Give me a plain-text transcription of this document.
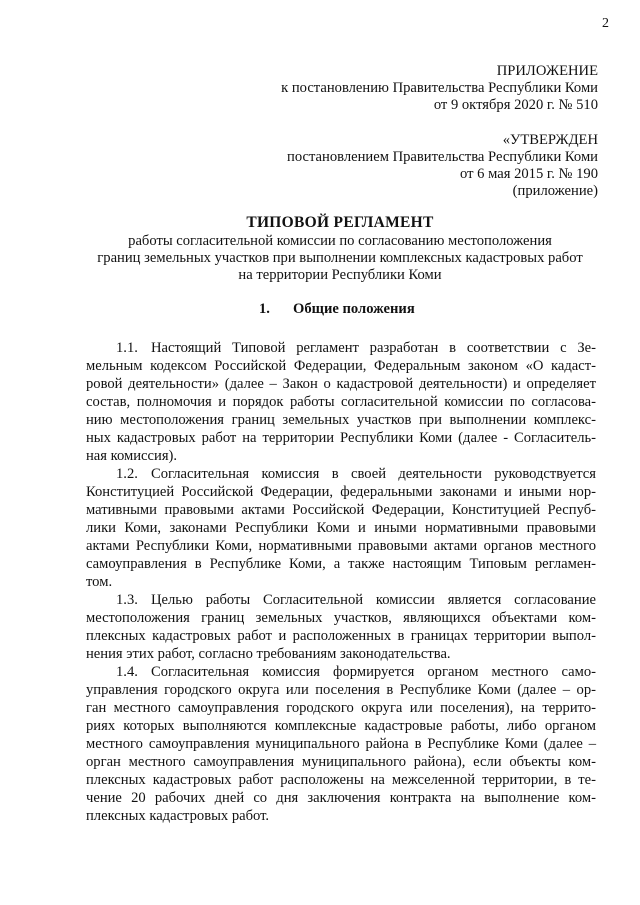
2
ПРИЛОЖЕНИЕ
к постановлению Правительства Республики Коми
от 9 октября 2020 г. № 510
«УТВЕРЖДЕН
постановлением Правительства Республики Коми
от 6 мая 2015 г. № 190
(приложение)
ТИПОВОЙ РЕГЛАМЕНТ
работы согласительной комиссии по согласованию местоположения
границ земельных участков при выполнении комплексных кадастровых работ
на территории Республики Коми
1. Общие положения
1.1. Настоящий Типовой регламент разработан в соответствии с Зе-
мельным кодексом Российской Федерации, Федеральным законом «О кадаст-
ровой деятельности» (далее – Закон о кадастровой деятельности) и определяет
состав, полномочия и порядок работы согласительной комиссии по согласова-
нию местоположения границ земельных участков при выполнении комплекс-
ных кадастровых работ на территории Республики Коми (далее - Согласитель-
ная комиссия).
1.2. Согласительная комиссия в своей деятельности руководствуется
Конституцией Российской Федерации, федеральными законами и иными нор-
мативными правовыми актами Российской Федерации, Конституцией Респуб-
лики Коми, законами Республики Коми и иными нормативными правовыми
актами Республики Коми, нормативными правовыми актами органов местного
самоуправления в Республике Коми, а также настоящим Типовым регламен-
том.
1.3. Целью работы Согласительной комиссии является согласование
местоположения границ земельных участков, являющихся объектами ком-
плексных кадастровых работ и расположенных в границах территории выпол-
нения этих работ, согласно требованиям законодательства.
1.4. Согласительная комиссия формируется органом местного само-
управления городского округа или поселения в Республике Коми (далее – ор-
ган местного самоуправления городского округа или поселения), на террито-
риях которых выполняются комплексные кадастровые работы, либо органом
местного самоуправления муниципального района в Республике Коми (далее –
орган местного самоуправления муниципального района), если объекты ком-
плексных кадастровых работ расположены на межселенной территории, в те-
чение 20 рабочих дней со дня заключения контракта на выполнение ком-
плексных кадастровых работ.
